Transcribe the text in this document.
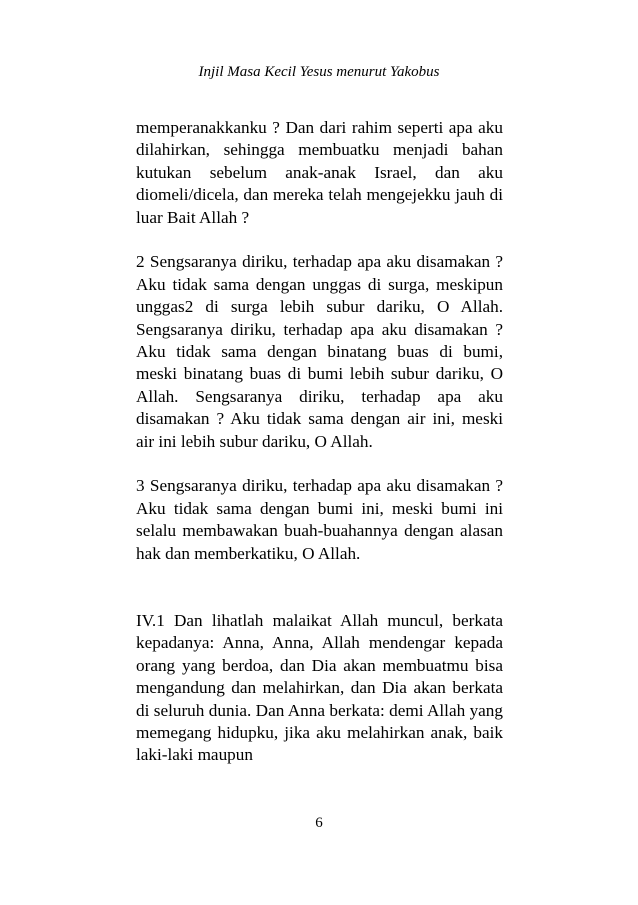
Injil Masa Kecil Yesus menurut Yakobus

memperanakkanku ? Dan dari rahim seperti apa aku dilahirkan, sehingga membuatku menjadi bahan kutukan sebelum anak-anak Israel, dan aku diomeli/dicela, dan mereka telah mengejekku jauh di luar Bait Allah ?

2 Sengsaranya diriku, terhadap apa aku disamakan ? Aku tidak sama dengan unggas di surga, meskipun unggas2 di surga lebih subur dariku, O Allah. Sengsaranya diriku, terhadap apa aku disamakan ? Aku tidak sama dengan binatang buas di bumi, meski binatang buas di bumi lebih subur dariku, O Allah. Sengsaranya diriku, terhadap apa aku disamakan ? Aku tidak sama dengan air ini, meski air ini lebih subur dariku, O Allah.

3 Sengsaranya diriku, terhadap apa aku disamakan ? Aku tidak sama dengan bumi ini, meski bumi ini selalu membawakan buah-buahannya dengan alasan hak dan memberkatiku, O Allah.

IV.1 Dan lihatlah malaikat Allah muncul, berkata kepadanya: Anna, Anna, Allah mendengar kepada orang yang berdoa, dan Dia akan membuatmu bisa mengandung dan melahirkan, dan Dia akan berkata di seluruh dunia. Dan Anna berkata: demi Allah yang memegang hidupku, jika aku melahirkan anak, baik laki-laki maupun

6
